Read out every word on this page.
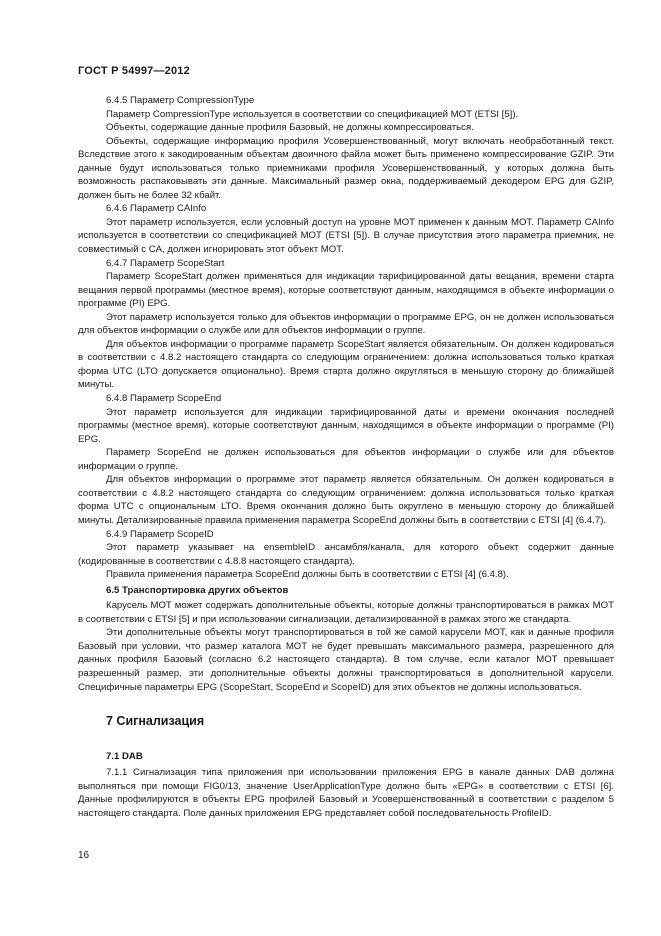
ГОСТ Р 54997—2012

6.4.5 Параметр CompressionType

Параметр CompressionType используется в соответствии со спецификацией MOT (ETSI [5]).

Объекты, содержащие данные профиля Базовый, не должны компрессироваться.

Объекты, содержащие информацию профиля Усовершенствованный, могут включать необработанный текст. Вследствие этого к закодированным объектам двоичного файла может быть применено компрессирование GZIP. Эти данные будут использоваться только приемниками профиля Усовершенствованный, у которых должна быть возможность распаковывать эти данные. Максимальный размер окна, поддерживаемый декодером EPG для GZIP, должен быть не более 32 кбайт.

6.4.6 Параметр CAInfo

Этот параметр используется, если условный доступ на уровне MOT применен к данным MOT. Параметр CAInfo используется в соответствии со спецификацией MOT (ETSI [5]). В случае присутствия этого параметра приемник, не совместимый с CA, должен игнорировать этот объект MOT.

6.4.7 Параметр ScopeStart

Параметр ScopeStart должен применяться для индикации тарифицированной даты вещания, времени старта вещания первой программы (местное время), которые соответствуют данным, находящимся в объекте информации о программе (PI) EPG.

Этот параметр используется только для объектов информации о программе EPG, он не должен использоваться для объектов информации о службе или для объектов информации о группе.

Для объектов информации о программе параметр ScopeStart является обязательным. Он должен кодироваться в соответствии с 4.8.2 настоящего стандарта со следующим ограничением: должна использоваться только краткая форма UTC (LTO допускается опционально). Время старта должно округляться в меньшую сторону до ближайшей минуты.

6.4.8 Параметр ScopeEnd

Этот параметр используется для индикации тарифицированной даты и времени окончания последней программы (местное время), которые соответствуют данным, находящимся в объекте информации о программе (PI) EPG.

Параметр ScopeEnd не должен использоваться для объектов информации о службе или для объектов информации о группе.

Для объектов информации о программе этот параметр является обязательным. Он должен кодироваться в соответствии с 4.8.2 настоящего стандарта со следующим ограничением: должна использоваться только краткая форма UTC с опциональным LTO. Время окончания должно быть округлено в меньшую сторону до ближайшей минуты. Детализированные правила применения параметра ScopeEnd должны быть в соответствии с ETSI [4] (6.4.7).

6.4.9 Параметр ScopeID

Этот параметр указывает на ensembleID ансамбля/канала, для которого объект содержит данные (кодированные в соответствии с 4.8.8 настоящего стандарта).

Правила применения параметра ScopeEnd должны быть в соответствии с ETSI [4] (6.4.8).

6.5 Транспортировка других объектов

Карусель MOT может содержать дополнительные объекты, которые должны транспортироваться в рамках MOT в соответствии с ETSI [5] и при использовании сигнализации, детализированной в рамках этого же стандарта.

Эти дополнительные объекты могут транспортироваться в той же самой карусели MOT, как и данные профиля Базовый при условии, что размер каталога MOT не будет превышать максимального размера, разрешенного для данных профиля Базовый (согласно 6.2 настоящего стандарта). В том случае, если каталог MOT превышает разрешенный размер, эти дополнительные объекты должны транспортироваться в дополнительной карусели. Специфичные параметры EPG (ScopeStart, ScopeEnd и ScopeID) для этих объектов не должны использоваться.

7 Сигнализация

7.1 DAB

7.1.1 Сигнализация типа приложения при использовании приложения EPG в канале данных DAB должна выполняться при помощи FIG0/13, значение UserApplicationType должно быть «EPG» в соответствии с ETSI [6]. Данные профилируются в объекты EPG профилей Базовый и Усовершенствованный в соответствии с разделом 5 настоящего стандарта. Поле данных приложения EPG представляет собой последовательность ProfileID.

16
